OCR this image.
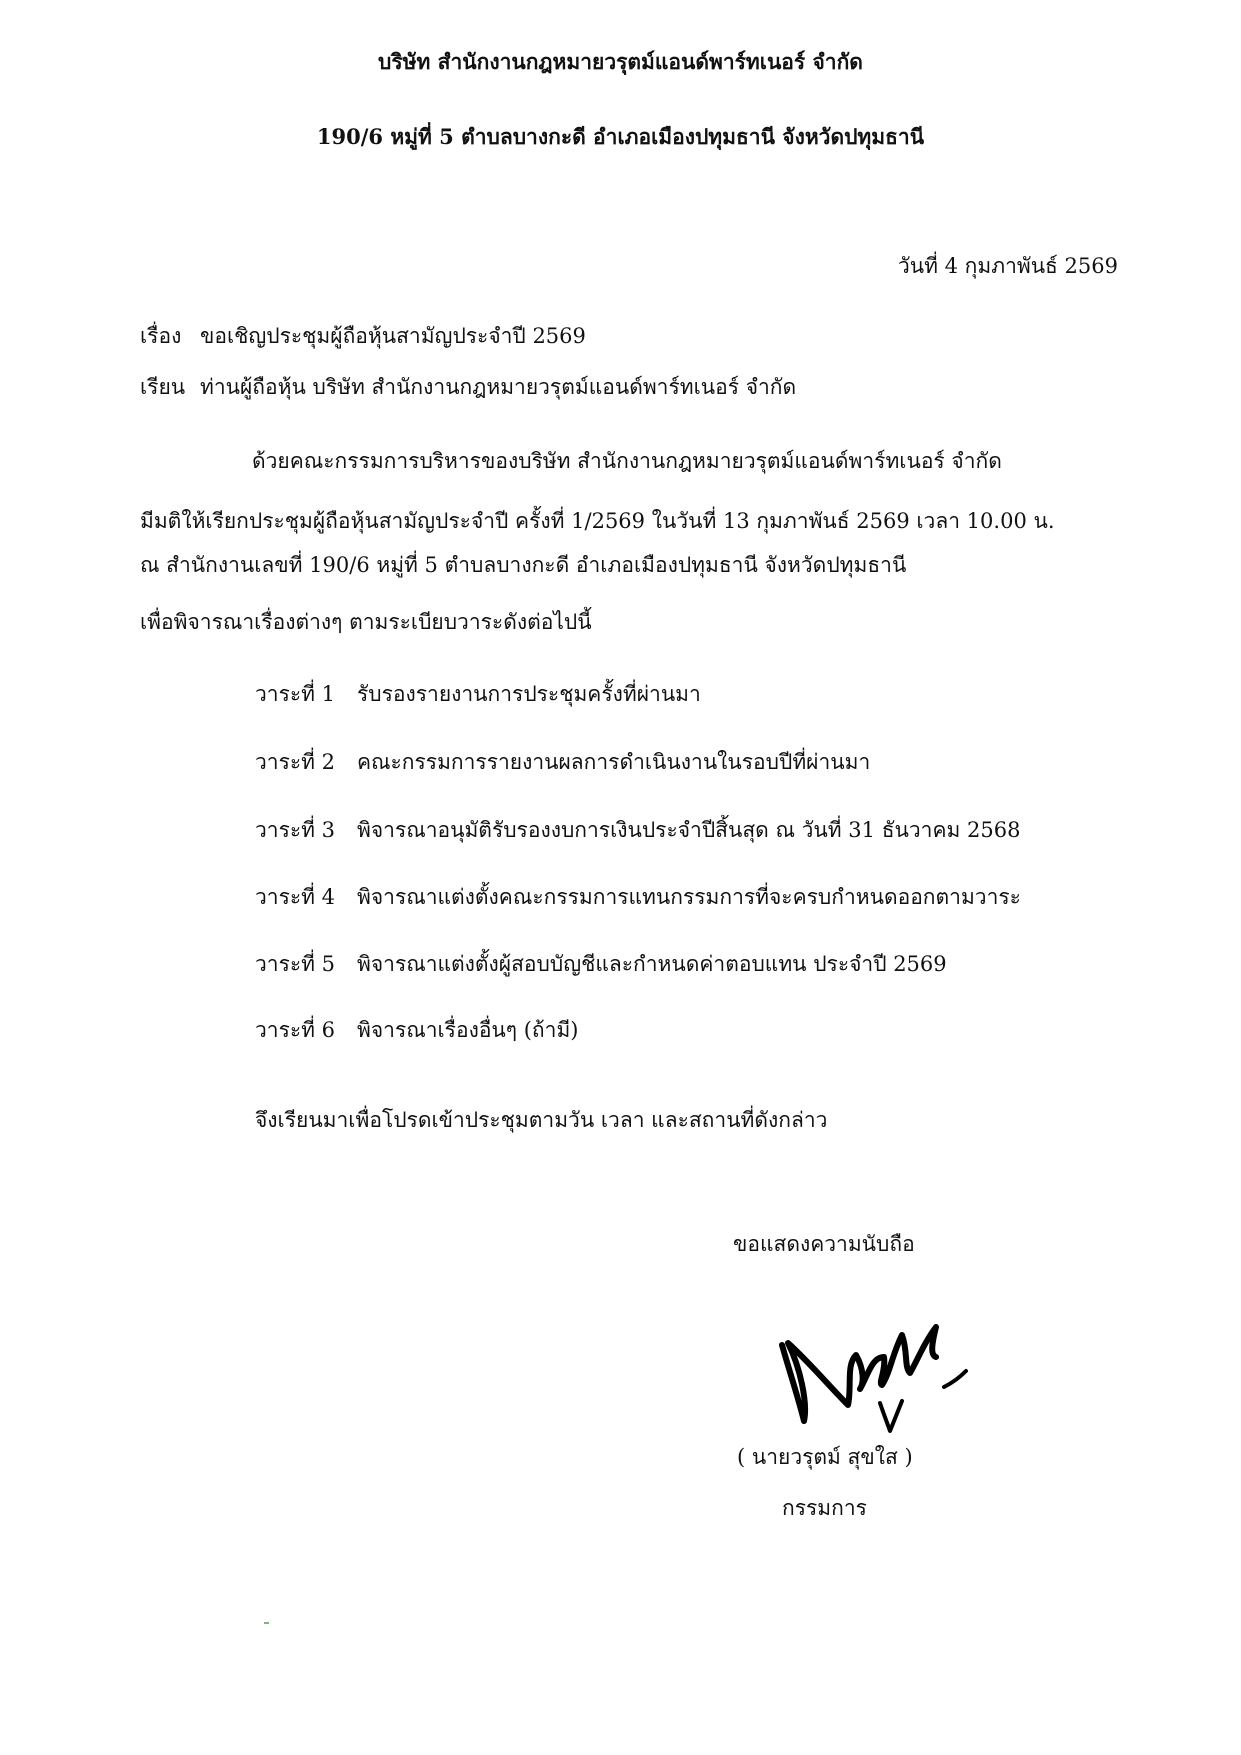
บริษัท สำนักงานกฎหมายวรุตม์แอนด์พาร์ทเนอร์ จำกัด
190/6 หมู่ที่ 5 ตำบลบางกะดี อำเภอเมืองปทุมธานี จังหวัดปทุมธานี
วันที่ 4 กุมภาพันธ์ 2569
เรื่อง ขอเชิญประชุมผู้ถือหุ้นสามัญประจำปี 2569
เรียน ท่านผู้ถือหุ้น บริษัท สำนักงานกฎหมายวรุตม์แอนด์พาร์ทเนอร์ จำกัด
ด้วยคณะกรรมการบริหารของบริษัท สำนักงานกฎหมายวรุตม์แอนด์พาร์ทเนอร์ จำกัด
มีมติให้เรียกประชุมผู้ถือหุ้นสามัญประจำปี ครั้งที่ 1/2569 ในวันที่ 13 กุมภาพันธ์ 2569 เวลา 10.00 น.
ณ สำนักงานเลขที่ 190/6 หมู่ที่ 5 ตำบลบางกะดี อำเภอเมืองปทุมธานี จังหวัดปทุมธานี
เพื่อพิจารณาเรื่องต่างๆ ตามระเบียบวาระดังต่อไปนี้
วาระที่ 1 รับรองรายงานการประชุมครั้งที่ผ่านมา
วาระที่ 2 คณะกรรมการรายงานผลการดำเนินงานในรอบปีที่ผ่านมา
วาระที่ 3 พิจารณาอนุมัติรับรองงบการเงินประจำปีสิ้นสุด ณ วันที่ 31 ธันวาคม 2568
วาระที่ 4 พิจารณาแต่งตั้งคณะกรรมการแทนกรรมการที่จะครบกำหนดออกตามวาระ
วาระที่ 5 พิจารณาแต่งตั้งผู้สอบบัญชีและกำหนดค่าตอบแทน ประจำปี 2569
วาระที่ 6 พิจารณาเรื่องอื่นๆ (ถ้ามี)
จึงเรียนมาเพื่อโปรดเข้าประชุมตามวัน เวลา และสถานที่ดังกล่าว
ขอแสดงความนับถือ
( นายวรุตม์ สุขใส )
กรรมการ
